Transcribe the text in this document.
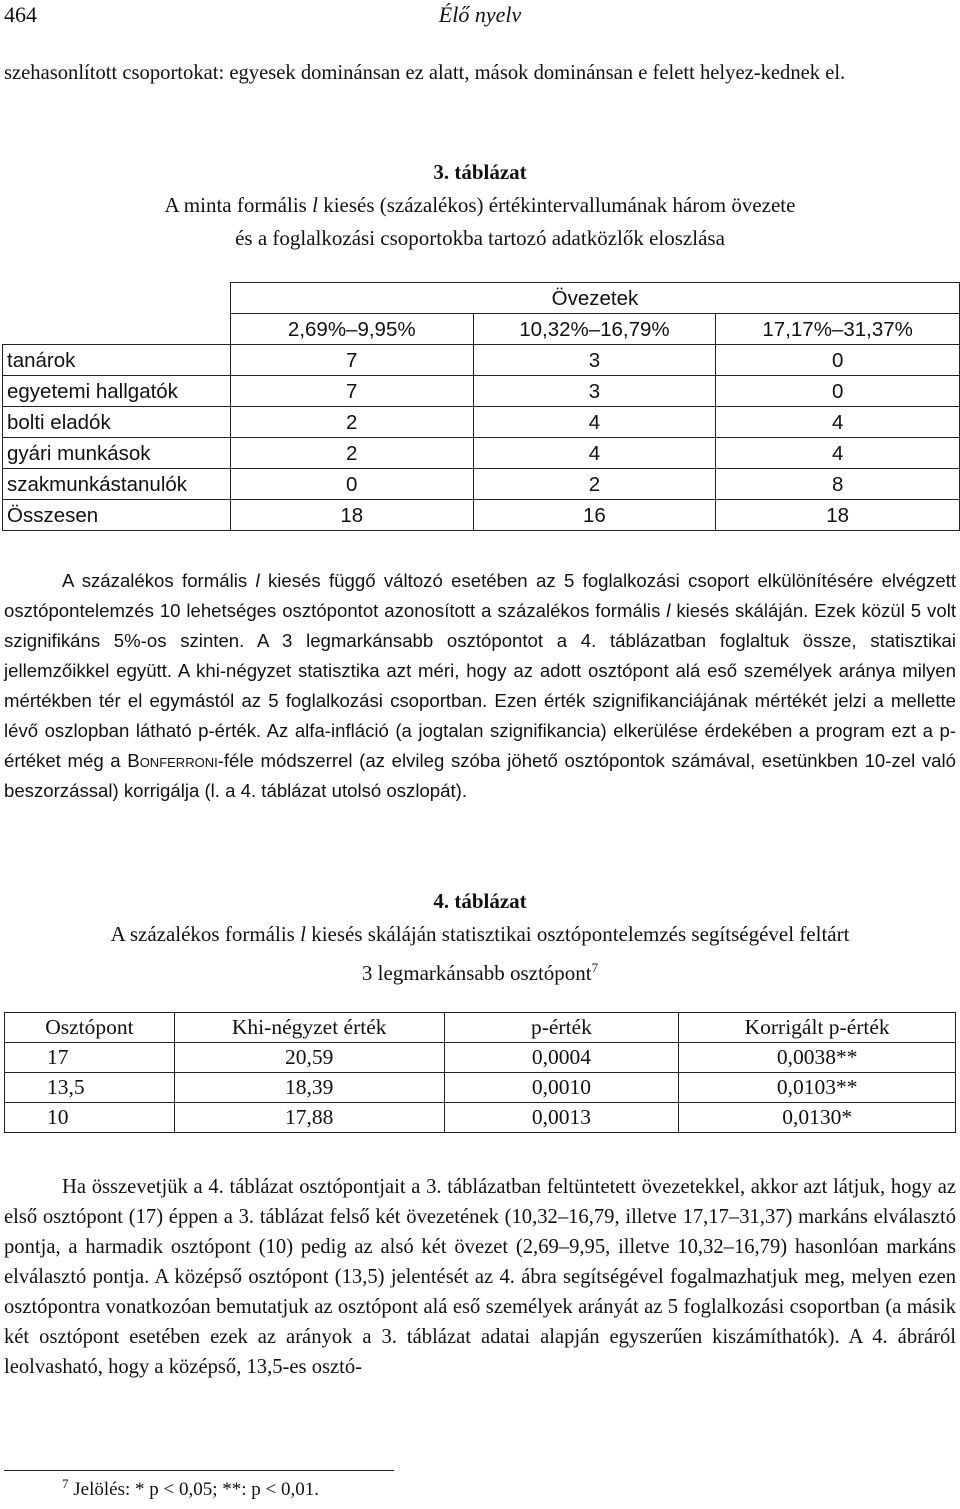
464	Élő nyelv
szehasonlított csoportokat: egyesek dominánsan ez alatt, mások dominánsan e felett helyez-kednek el.
3. táblázat
A minta formális l kiesés (százalékos) értékintervallumának három övezete
és a foglalkozási csoportokba tartozó adatközlők eloszlása
	Övezetek		
	2,69%–9,95%	10,32%–16,79%	17,17%–31,37%
tanárok	7	3	0
egyetemi hallgatók	7	3	0
bolti eladók	2	4	4
gyári munkások	2	4	4
szakmunkástanulók	0	2	8
Összesen	18	16	18
A százalékos formális l kiesés függő változó esetében az 5 foglalkozási csoport elkülönítésére elvégzett osztópontelemzés 10 lehetséges osztópontot azonosított a százalékos formális l kiesés skáláján. Ezek közül 5 volt szignifikáns 5%-os szinten. A 3 legmarkánsabb osztópontot a 4. táblázatban foglaltuk össze, statisztikai jellemzőikkel együtt. A khi-négyzet statisztika azt méri, hogy az adott osztópont alá eső személyek aránya milyen mértékben tér el egymástól az 5 foglalkozási csoportban. Ezen érték szignifikanciájának mértékét jelzi a mellette lévő oszlopban látható p-érték. Az alfa-infláció (a jogtalan szignifikancia) elkerülése érdekében a program ezt a p-értéket még a Bonferroni-féle módszerrel (az elvileg szóba jöhető osztópontok számával, esetünkben 10-zel való beszorzással) korrigálja (l. a 4. táblázat utolsó oszlopát).
4. táblázat
A százalékos formális l kiesés skáláján statisztikai osztópontelemzés segítségével feltárt
3 legmarkánsabb osztópont$^7$
Osztópont	Khi-négyzet érték	p-érték	Korrigált p-érték
17	20,59	0,0004	0,0038**
13,5	18,39	0,0010	0,0103**
10	17,88	0,0013	0,0130*
Ha összevetjük a 4. táblázat osztópontjait a 3. táblázatban feltüntetett övezetekkel, akkor azt látjuk, hogy az első osztópont (17) éppen a 3. táblázat felső két övezetének (10,32–16,79, illetve 17,17–31,37) markáns elválasztó pontja, a harmadik osztópont (10) pedig az alsó két övezet (2,69–9,95, illetve 10,32–16,79) hasonlóan markáns elválasztó pontja. A középső osztópont (13,5) jelentését az 4. ábra segítségével fogalmazhatjuk meg, melyen ezen osztópontra vonatkozóan bemutatjuk az osztópont alá eső személyek arányát az 5 foglalkozási csoportban (a másik két osztópont esetében ezek az arányok a 3. táblázat adatai alapján egyszerűen kiszámíthatók). A 4. ábráról leolvasható, hogy a középső, 13,5-es osztó-
$^7$ Jelölés: * p < 0,05; **: p < 0,01.
